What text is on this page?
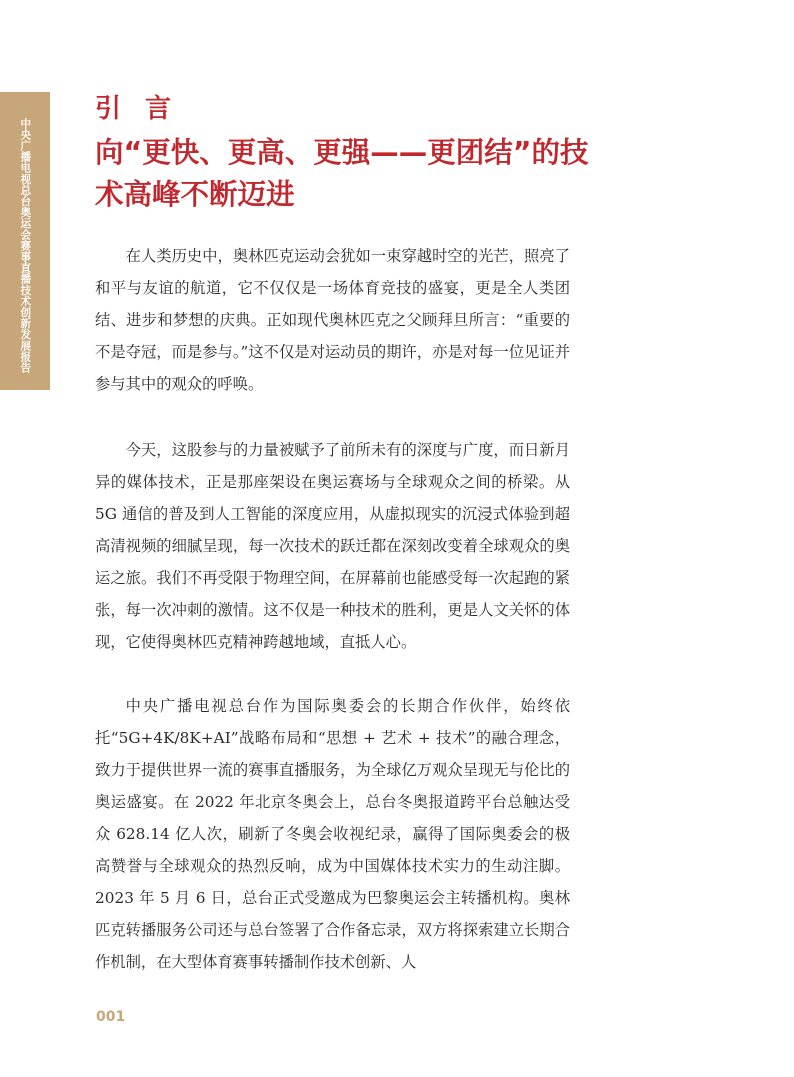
中央广播电视总台奥运会赛事直播技术创新发展报告
引言
向“更快、更高、更强——更团结”的技术高峰不断迈进

在人类历史中，奥林匹克运动会犹如一束穿越时空的光芒，照亮了和平与友谊的航道，它不仅仅是一场体育竞技的盛宴，更是全人类团结、进步和梦想的庆典。正如现代奥林匹克之父顾拜旦所言：“重要的不是夺冠，而是参与。”这不仅是对运动员的期许，亦是对每一位见证并参与其中的观众的呼唤。

今天，这股参与的力量被赋予了前所未有的深度与广度，而日新月异的媒体技术，正是那座架设在奥运赛场与全球观众之间的桥梁。从 5G 通信的普及到人工智能的深度应用，从虚拟现实的沉浸式体验到超高清视频的细腻呈现，每一次技术的跃迁都在深刻改变着全球观众的奥运之旅。我们不再受限于物理空间，在屏幕前也能感受每一次起跑的紧张，每一次冲刺的激情。这不仅是一种技术的胜利，更是人文关怀的体现，它使得奥林匹克精神跨越地域，直抵人心。

中央广播电视总台作为国际奥委会的长期合作伙伴，始终依托“5G+4K/8K+AI”战略布局和“思想 + 艺术 + 技术”的融合理念，致力于提供世界一流的赛事直播服务，为全球亿万观众呈现无与伦比的奥运盛宴。在 2022 年北京冬奥会上，总台冬奥报道跨平台总触达受众 628.14 亿人次，刷新了冬奥会收视纪录，赢得了国际奥委会的极高赞誉与全球观众的热烈反响，成为中国媒体技术实力的生动注脚。2023 年 5 月 6 日，总台正式受邀成为巴黎奥运会主转播机构。奥林匹克转播服务公司还与总台签署了合作备忘录，双方将探索建立长期合作机制，在大型体育赛事转播制作技术创新、人

001
